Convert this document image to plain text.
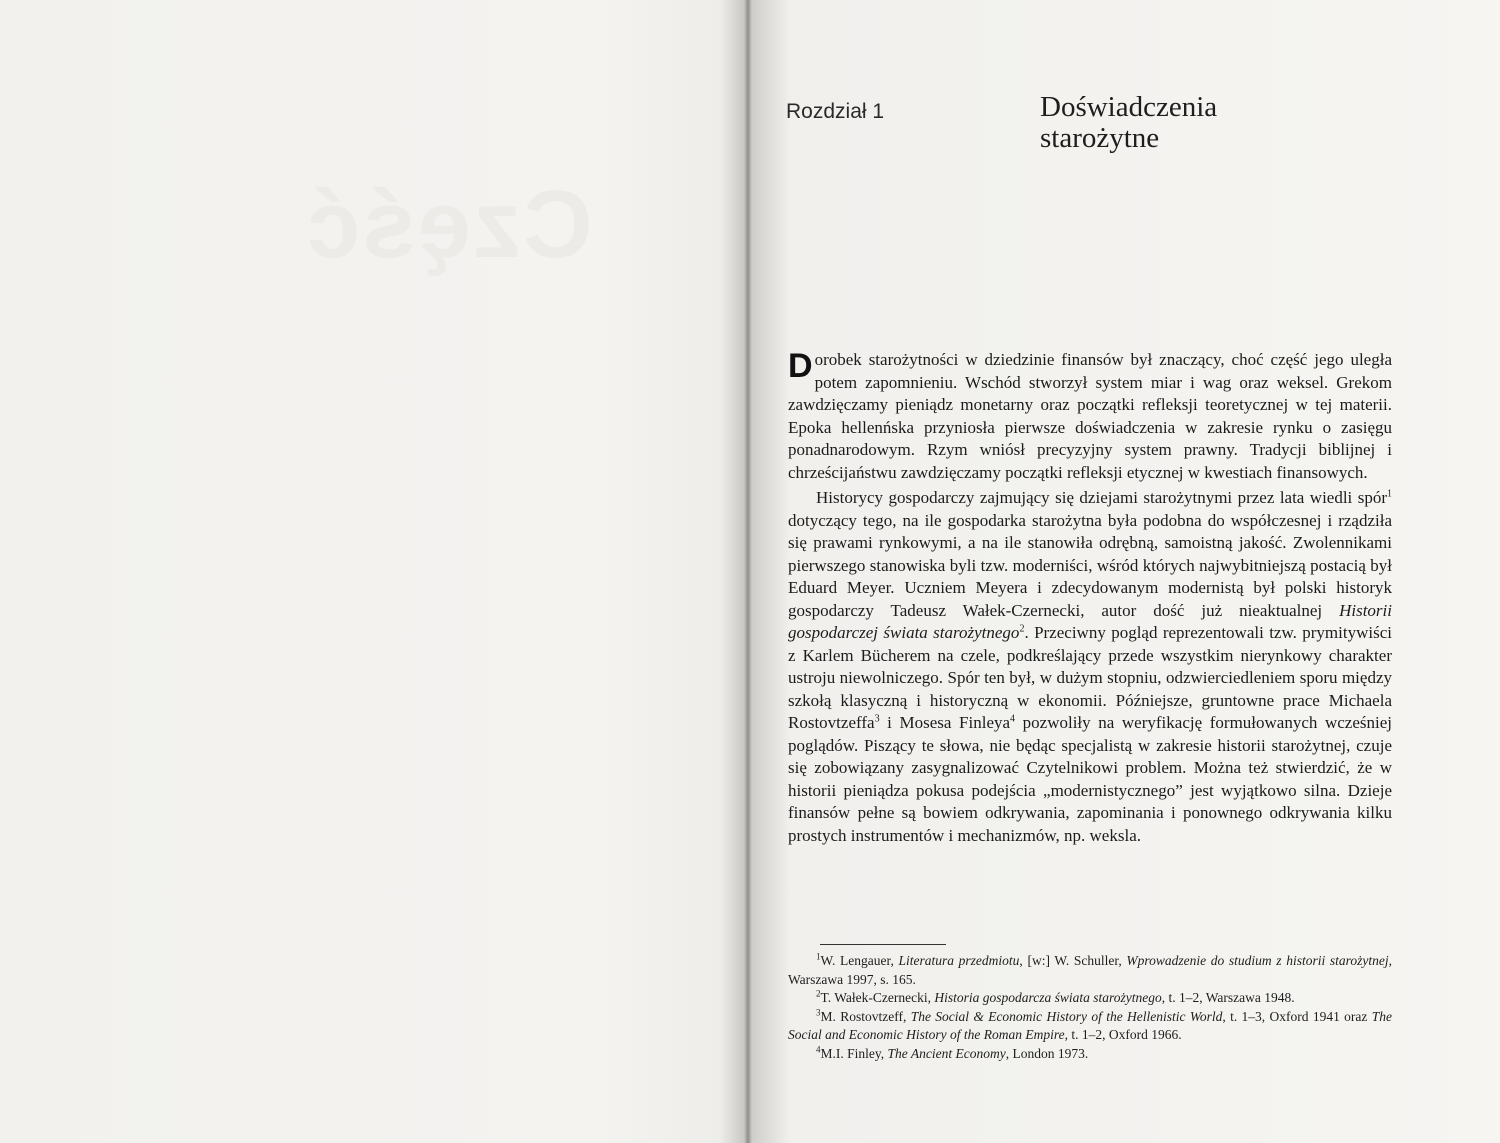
Część
Rozdział 1	Doświadczenia
starożytne

Dorobek starożytności w dziedzinie finansów był znaczący, choć część jego uległa potem zapomnieniu. Wschód stworzył system miar i wag oraz weksel. Grekom zawdzięczamy pieniądz monetarny oraz początki refleksji teoretycznej w tej materii. Epoka hellenńska przyniosła pierwsze doświadczenia w zakresie rynku o zasięgu ponadnarodowym. Rzym wniósł precyzyjny system prawny. Tradycji biblijnej i chrześcijaństwu zawdzięczamy początki refleksji etycznej w kwestiach finansowych.

Historycy gospodarczy zajmujący się dziejami starożytnymi przez lata wiedli spór$^1$ dotyczący tego, na ile gospodarka starożytna była podobna do współczesnej i rządziła się prawami rynkowymi, a na ile stanowiła odrębną, samoistną jakość. Zwolennikami pierwszego stanowiska byli tzw. moderniści, wśród których najwybitniejszą postacią był Eduard Meyer. Uczniem Meyera i zdecydowanym modernistą był polski historyk gospodarczy Tadeusz Wałek-Czernecki, autor dość już nieaktualnej Historii gospodarczej świata starożytnego$^2$. Przeciwny pogląd reprezentowali tzw. prymitywiści z Karlem Bücherem na czele, podkreślający przede wszystkim nierynkowy charakter ustroju niewolniczego. Spór ten był, w dużym stopniu, odzwierciedleniem sporu między szkołą klasyczną i historyczną w ekonomii. Późniejsze, gruntowne prace Michaela Rostovtzeffa$^3$ i Mosesa Finleya$^4$ pozwoliły na weryfikację formułowanych wcześniej poglądów. Piszący te słowa, nie będąc specjalistą w zakresie historii starożytnej, czuje się zobowiązany zasygnalizować Czytelnikowi problem. Można też stwierdzić, że w historii pieniądza pokusa podejścia „modernistycznego” jest wyjątkowo silna. Dzieje finansów pełne są bowiem odkrywania, zapominania i ponownego odkrywania kilku prostych instrumentów i mechanizmów, np. weksla.

$^1$W. Lengauer, Literatura przedmiotu, [w:] W. Schuller, Wprowadzenie do studium z historii starożytnej, Warszawa 1997, s. 165.

$^2$T. Wałek-Czernecki, Historia gospodarcza świata starożytnego, t. 1–2, Warszawa 1948.

$^3$M. Rostovtzeff, The Social & Economic History of the Hellenistic World, t. 1–3, Oxford 1941 oraz The Social and Economic History of the Roman Empire, t. 1–2, Oxford 1966.

$^4$M.I. Finley, The Ancient Economy, London 1973.
